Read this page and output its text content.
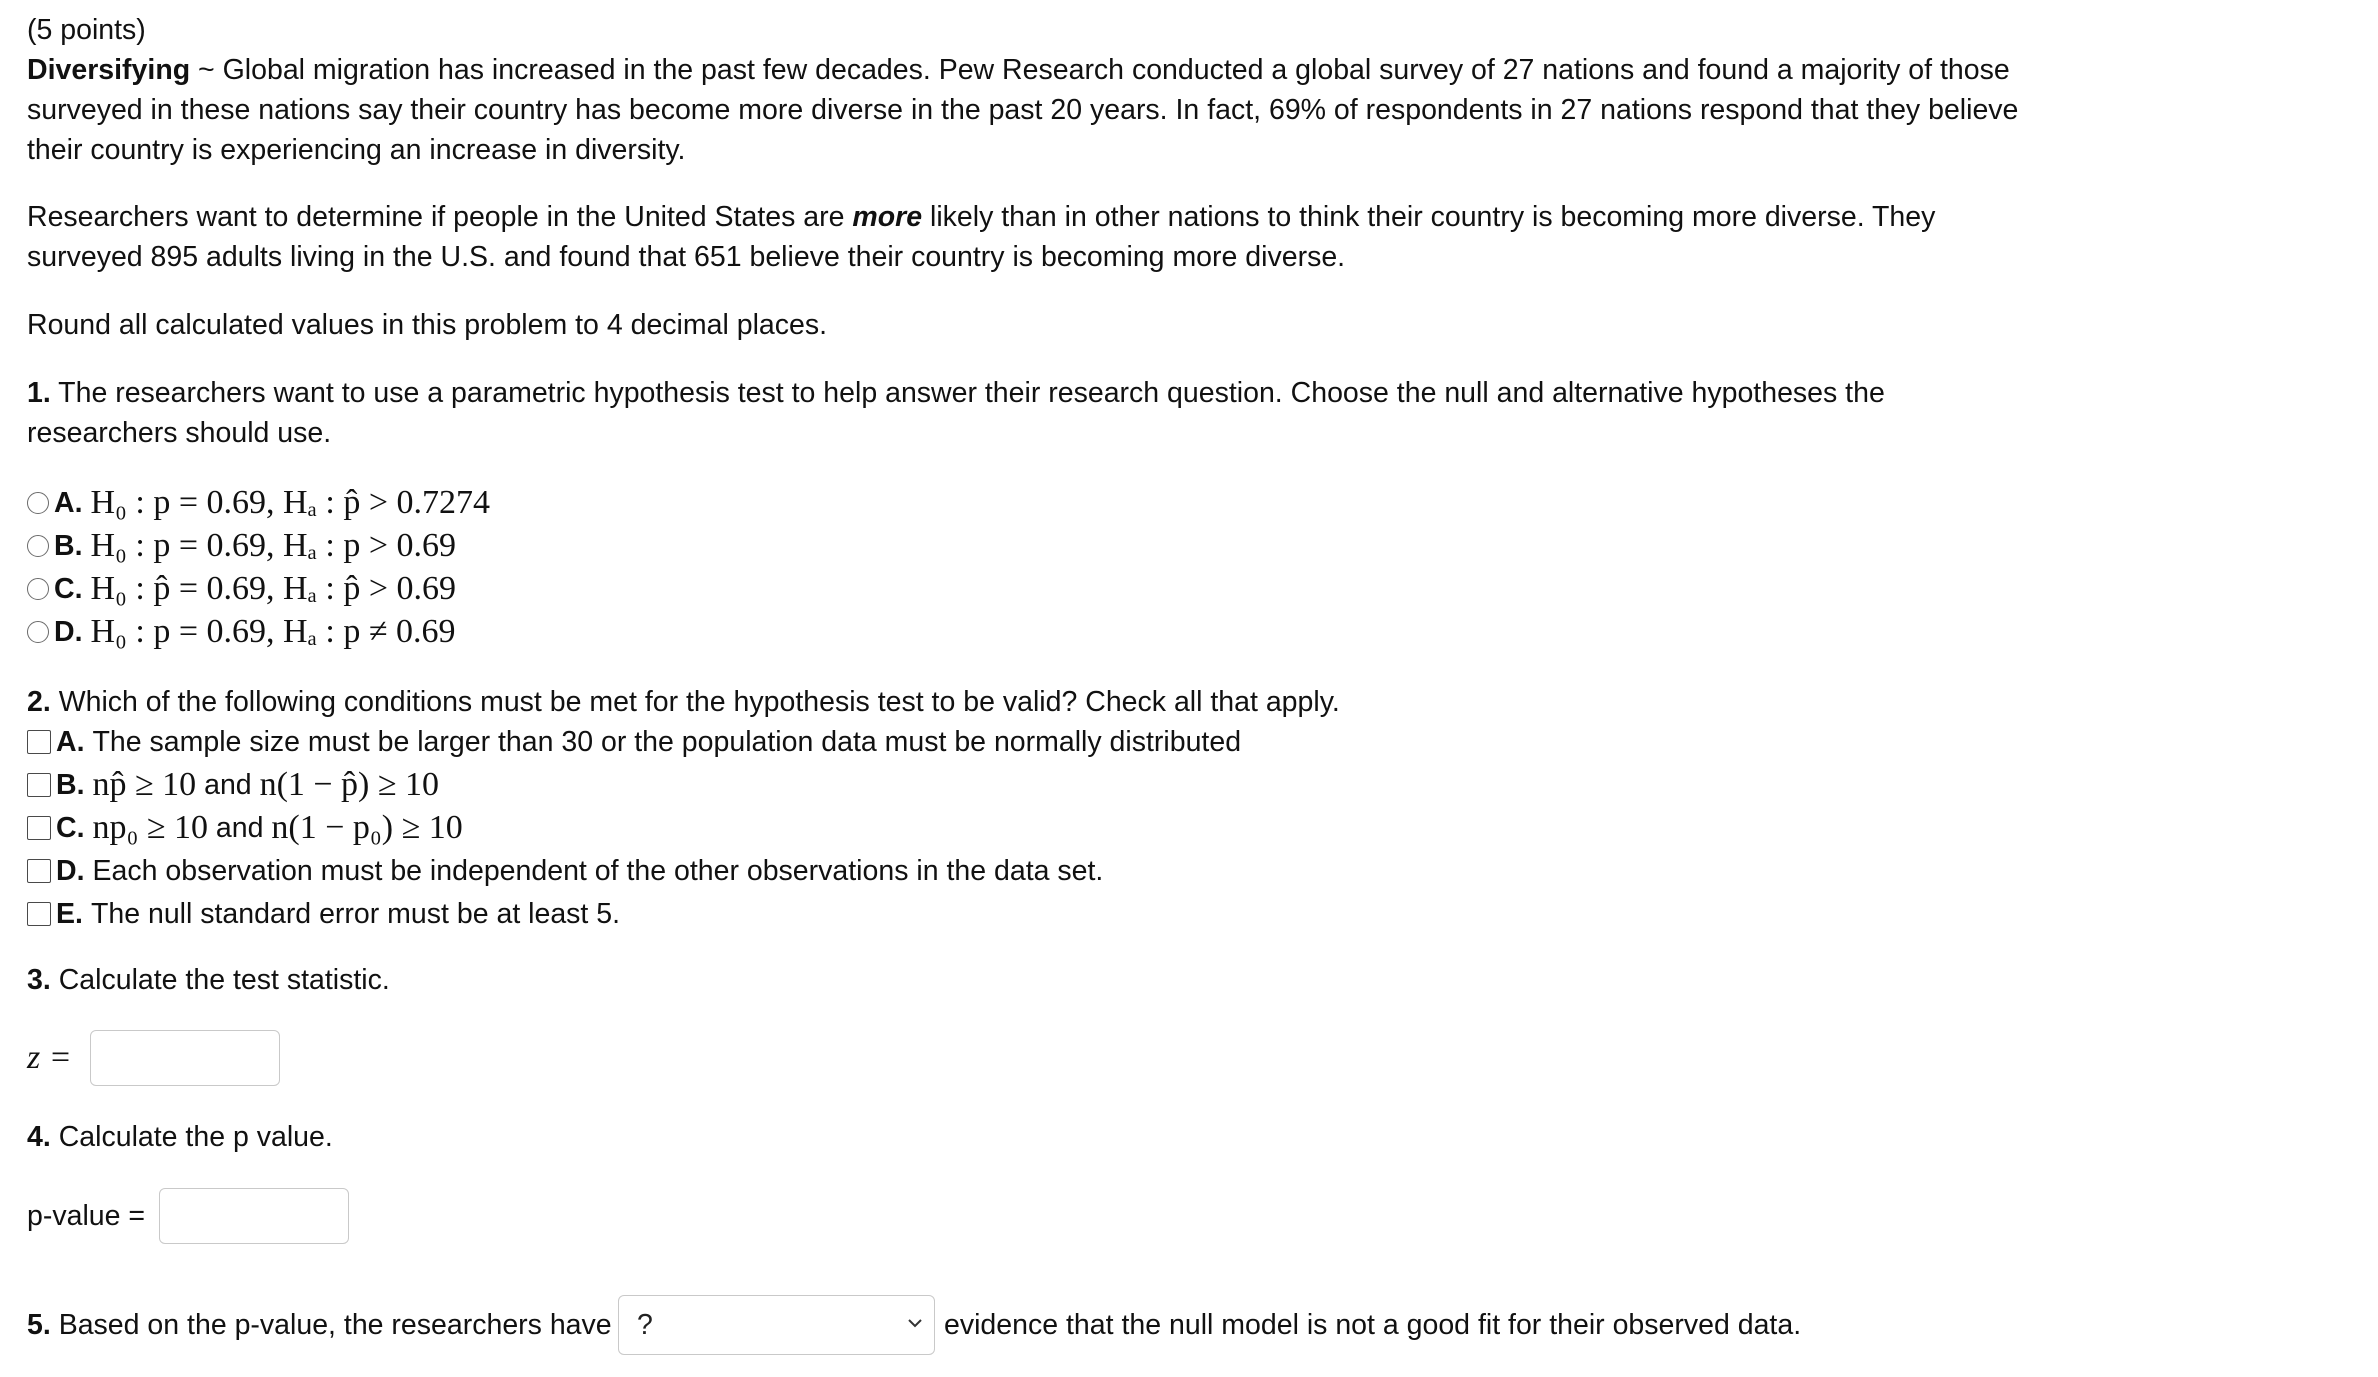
(5 points)

Diversifying ~ Global migration has increased in the past few decades. Pew Research conducted a global survey of 27 nations and found a majority of those
surveyed in these nations say their country has become more diverse in the past 20 years. In fact, 69% of respondents in 27 nations respond that they believe
their country is experiencing an increase in diversity.
Researchers want to determine if people in the United States are more likely than in other nations to think their country is becoming more diverse. They
surveyed 895 adults living in the U.S. and found that 651 believe their country is becoming more diverse.
Round all calculated values in this problem to 4 decimal places.
1. The researchers want to use a parametric hypothesis test to help answer their research question. Choose the null and alternative hypotheses the
researchers should use.
A. H₀ : p = 0.69, Hₐ : p̂ > 0.7274
B. H₀ : p = 0.69, Hₐ : p > 0.69
C. H₀ : p̂ = 0.69, Hₐ : p̂ > 0.69
D. H₀ : p = 0.69, Hₐ : p ≠ 0.69
2. Which of the following conditions must be met for the hypothesis test to be valid? Check all that apply.
A. The sample size must be larger than 30 or the population data must be normally distributed
B. np̂ ≥ 10 and n(1 − p̂) ≥ 10
C. np₀ ≥ 10 and n(1 − p₀) ≥ 10
D. Each observation must be independent of the other observations in the data set.
E. The null standard error must be at least 5.
3. Calculate the test statistic.
z =
4. Calculate the p value.
p-value =
5. Based on the p-value, the researchers have ?	evidence that the null model is not a good fit for their observed data.
